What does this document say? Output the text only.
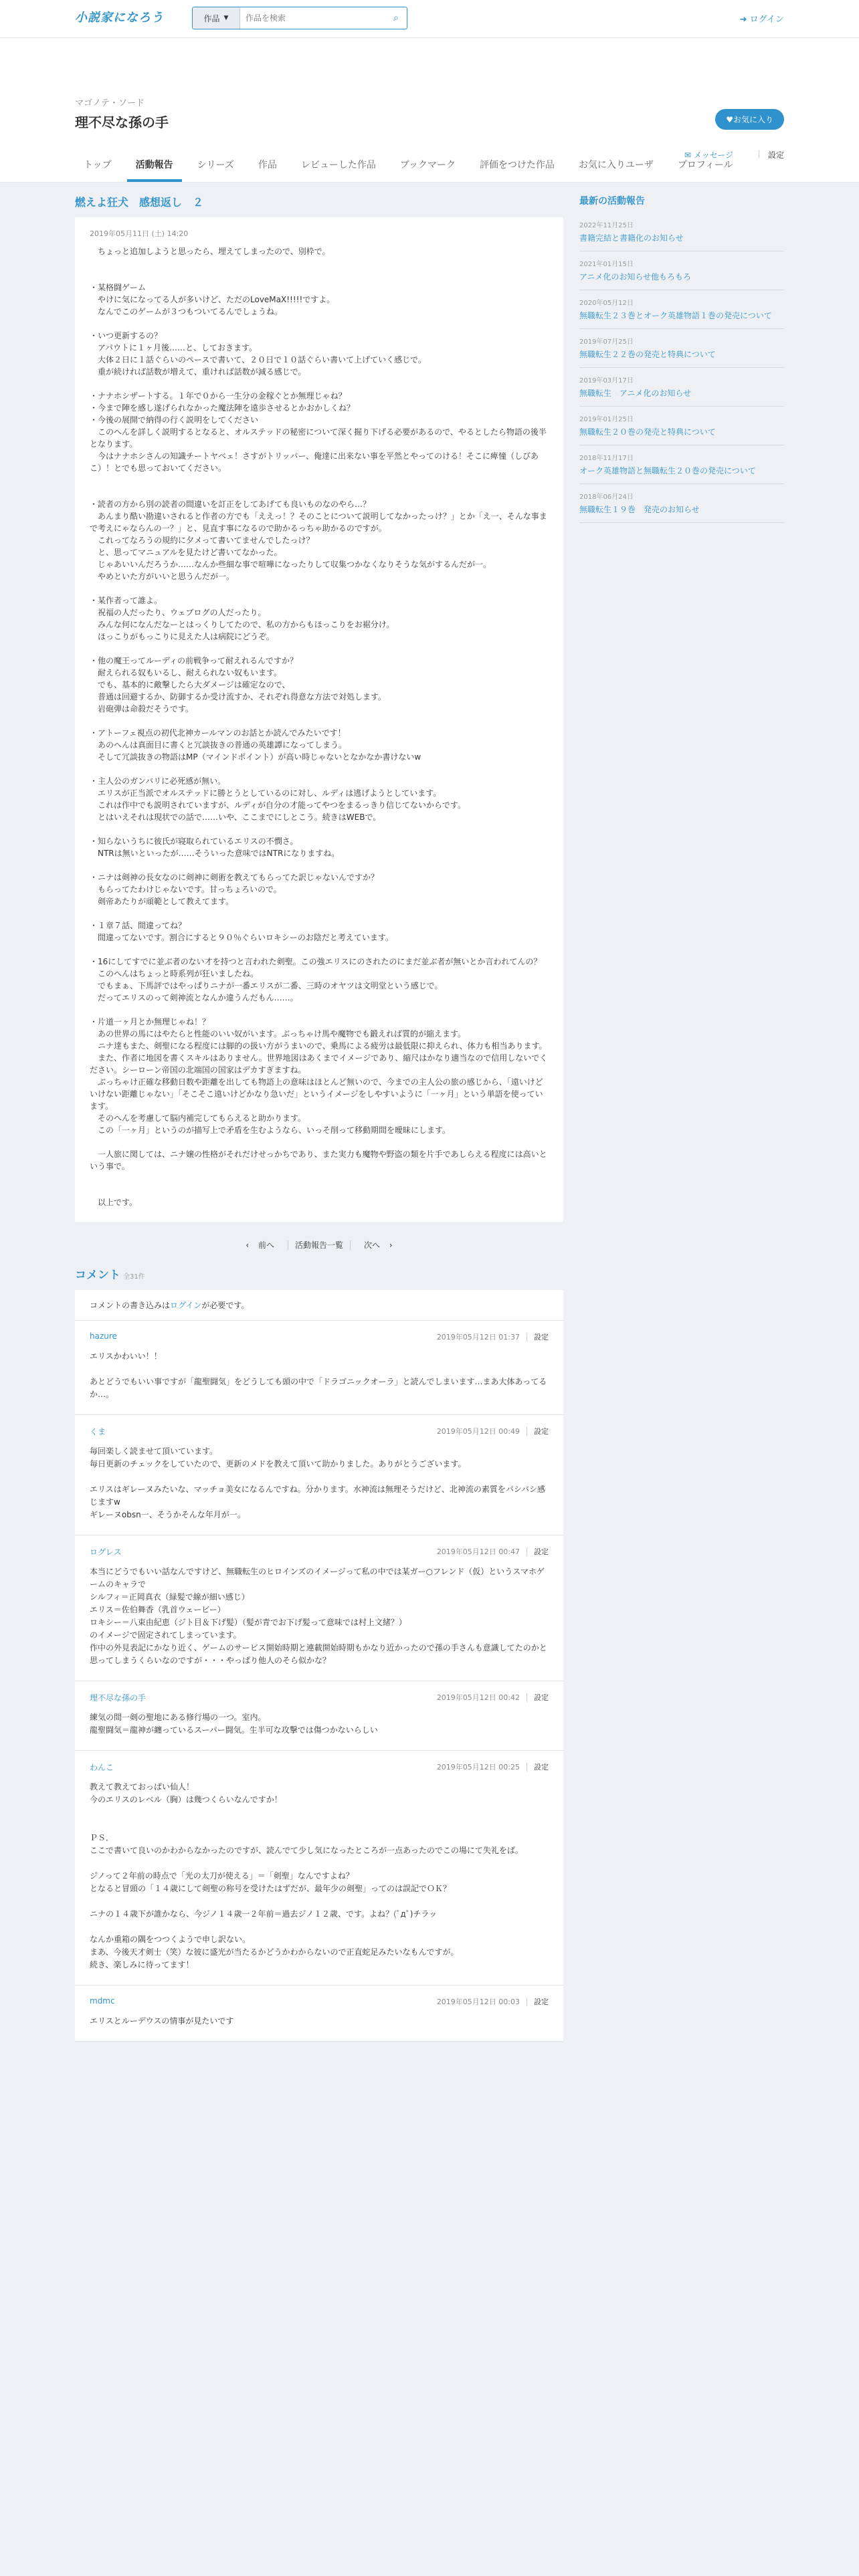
小説家になろう	作品 ▼
作品を検索	⌕	➜ ログイン
マゴノテ・ソード
理不尽な孫の手	♥お気に入り
✉ メッセージ	設定
トップ	活動報告	シリーズ	作品	レビューした作品	ブックマーク	評価をつけた作品	お気に入りユーザ	プロフィール
燃えよ狂犬　感想返し　２
2019年05月11日 (土) 14:20
　ちょっと追加しようと思ったら、埋えてしまったので、別枠で。

・某格闘ゲーム
　やけに気になってる人が多いけど、ただのLoveMaX!!!!!ですよ。
　なんでこのゲームが３つもついてるんでしょうね。

・いつ更新するの？
　アパウトに１ヶ月後……と、しておきます。
　大体２日に１話ぐらいのペースで書いて、２０日で１０話ぐらい書いて上げていく感じで。
　重が続ければ話数が増えて、重ければ話数が減る感じで。

・ナナホシザートする。１年で０から一生分の金稼ぐとか無理じゃね？
・今まで陣を感し遂げられなかった魔法陣を遠歩させるとかおかしくね？
・今後の展開で納得の行く説明をしてください
　このへんを詳しく説明するとなると、オルステッドの秘密について深く掘り下げる必要があるので、やるとしたら物語の後半となります。
　今はナナホシさんの知識チートヤベェ！さすがトリッパー、俺達に出来ない事を平然とやってのける！そこに痺憧（しびあこ）！とでも思っておいてください。

・読者の方から別の読者の間違いを訂正をしてあげても良いものなのやら…？
　あんまり酷い勘違いされると作者の方でも「ええっ！？そのことについて説明してなかったっけ？」とか「え一、そんな事まで考えにゃならんの一？」と、見直す事になるので助かるっちゃ助かるのですが。
　これってなろうの規約に夕メって書いてませんでしたっけ？
　と、思ってマニュアルを見たけど書いてなかった。
　じゃあいいんだろうか……なんか些細な事で喧嘩になったりして収集つかなくなりそうな気がするんだが一。
　やめといた方がいいと思うんだが一。

・某作者って誰よ。
　祝福の人だったり、ウェブログの人だったり。
　みんな何になんだなーとはっくりしてたので、私の方からもほっこりをお裾分け。
　ほっこりがもっこりに見えた人は病院にどうぞ。

・他の魔王ってルーディの前戦争って耐えれるんですか？
　耐えられる奴もいるし、耐えられない奴もいます。
　でも、基本的に敵撃したら大ダメージは確定なので、
　普通は回避するか、防御するか受け流すか、それぞれ得意な方法で対処します。
　岩砲弾は命殺だそうです。

・アトーフェ視点の初代北神カールマンのお話とか読んでみたいです！
　あのへんは真面目に書くと冗談抜きの普通の英雄譚になってしまう。
　そして冗談抜きの物語はMP（マインドポイント）が高い時じゃないとなかなか書けないw

・主人公のガンバリに必死感が無い。
　エリスが正当派でオルステッドに勝とうとしているのに対し、ルディは逃げようとしています。
　これは作中でも説明されていますが、ルディが自分の才能ってやつをまるっきり信じてないからです。
　とはいえそれは現状での話で……いや、ここまでにしとこう。続きはWEBで。

・知らないうちに彼氏が寝取られているエリスの不憫さ。
　NTRは無いといったが……そういった意味ではNTRになりますね。

・ニナは剣神の長女なのに剣神に剣術を教えてもらってた訳じゃないんですか？
　もらってたわけじゃないです。甘っちょろいので。
　剣帝あたりが頑範として教えてます。

・１章７話、間違ってね？
　間違ってないです。割合にすると９０％ぐらいロキシーのお陰だと考えています。

・16にしてすでに並ぶ者のない才を持つと言われた剣聖。この強エリスにのされたのにまだ並ぶ者が無いとか言われてんの？
　このへんはちょっと時系列が狂いましたね。
　でもまぁ、下馬評ではやっぱりニナが一番エリスが二番、三時のオヤツは文明堂という感じで。
　だってエリスのって剣神流となんか違うんだもん……。

・片道一ヶ月とか無理じゃね！？
　あの世界の馬にはやたらと性能のいい奴がいます。ぶっちゃけ馬や魔物でも鍛えれば質的が縮えます。
　ニナ達もまた、剣聖になる程度には脚的の扱い方がうまいので、乗馬による疲労は最低限に抑えられ、体力も相当あります。
　また、作者に地図を書くスキルはありません。世界地図はあくまでイメージであり、縮尺はかなり適当なので信用しないでください。シーローン帝国の北端国の国家はデカすぎますね。
　ぶっちゃけ正確な移動日数や距離を出しても物語上の意味はほとんど無いので、今までの主人公の旅の感じから、「遠いけどいけない距離じゃない」「そこそこ遠いけどかなり急いだ」というイメージをしやすいように「一ヶ月」という単語を使っています。
　そのへんを考慮して脳内補完してもらえると助かります。
　この「一ヶ月」というのが描写上で矛盾を生むようなら、いっそ削って移動期間を曖昧にします。

　一人旅に関しては、ニナ嬢の性格がそれだけせっかちであり、また実力も魔物や野盗の類を片手であしらえる程度には高いという事で。

　以上です。
‹ 前へ	活動報告一覧	次へ ›
コメント 全31件
コメントの書き込みはログインが必要です。
hazure	2019年05月12日 01:37 設定
エリスかわいい！！

あとどうでもいい事ですが「龍聖闘気」をどうしても頭の中で「ドラゴニックオーラ」と読んでしまいます…まあ大体あってるか…。
くま	2019年05月12日 00:49 設定
毎回楽しく読ませて頂いています。
毎日更新のチェックをしていたので、更新のメドを教えて頂いて助かりました。ありがとうございます。

エリスはギレーヌみたいな、マッチョ美女になるんですね。分かります。水神流は無理そうだけど、北神流の素質をバシバシ感じますw
ギレーヌobsn一、そうかそんな年月が一。
ログレス	2019年05月12日 00:47 設定
本当にどうでもいい話なんですけど、無職転生のヒロインズのイメージって私の中では某ガー○フレンド（仮）というスマホゲームのキャラで
シルフィ＝正岡真衣（緑髪で線が細い感じ）
エリス＝佐伯舞香（乳首ウェービー）
ロキシー＝八束由紀恵（ジト目＆下げ髪）（髪が青でお下げ髪って意味では村上文緒？）
のイメージで固定されてしまっています。
作中の外見表記にかなり近く、ゲームのサービス開始時期と連載開始時期もかなり近かったので孫の手さんも意識してたのかと思ってしまうくらいなのですが・・・やっぱり他人のそら似かな？
理不尽な孫の手	2019年05月12日 00:42 設定
練気の間一剣の聖地にある修行場の一つ。室内。
龍聖闘気＝龍神が纏っているスーパー闘気。生半可な攻撃では傷つかないらしい
わんこ	2019年05月12日 00:25 設定
教えて教えておっぱい仙人！
今のエリスのレベル（胸）は幾つくらいなんですか！

ＰＳ．
ここで書いて良いのかわからなかったのですが、読んでて少し気になったところが一点あったのでこの場にて失礼をば。

ジノって２年前の時点で「光の太刀が使える」＝「剣聖」なんですよね？
となると冒頭の「１４歳にして剣聖の称号を受けたはずだが、最年少の剣聖」ってのは誤記でＯＫ？

ニナの１４歳下が誰かなら、今ジノ１４歳一２年前＝過去ジノ１２歳、です。よね？(ﾟдﾟ)チラッ

なんか重箱の隅をつつくようで申し訳ない。
まあ、今後天才剣士（笑）な彼に盛光が当たるかどうかわからないので正直蛇足みたいなもんですが。
続き、楽しみに待ってます！
mdmc	2019年05月12日 00:03 設定
エリスとルーデウスの情事が見たいです
最新の活動報告
2022年11月25日
書籍完結と書籍化のお知らせ
2021年01月15日
アニメ化のお知らせ他もろもろ
2020年05月12日
無職転生２３巻とオーク英雄物語１巻の発売について
2019年07月25日
無職転生２２巻の発売と特典について
2019年03月17日
無職転生　アニメ化のお知らせ
2019年01月25日
無職転生２０巻の発売と特典について
2018年11月17日
オーク英雄物語と無職転生２０巻の発売について
2018年06月24日
無職転生１９巻　発売のお知らせ
